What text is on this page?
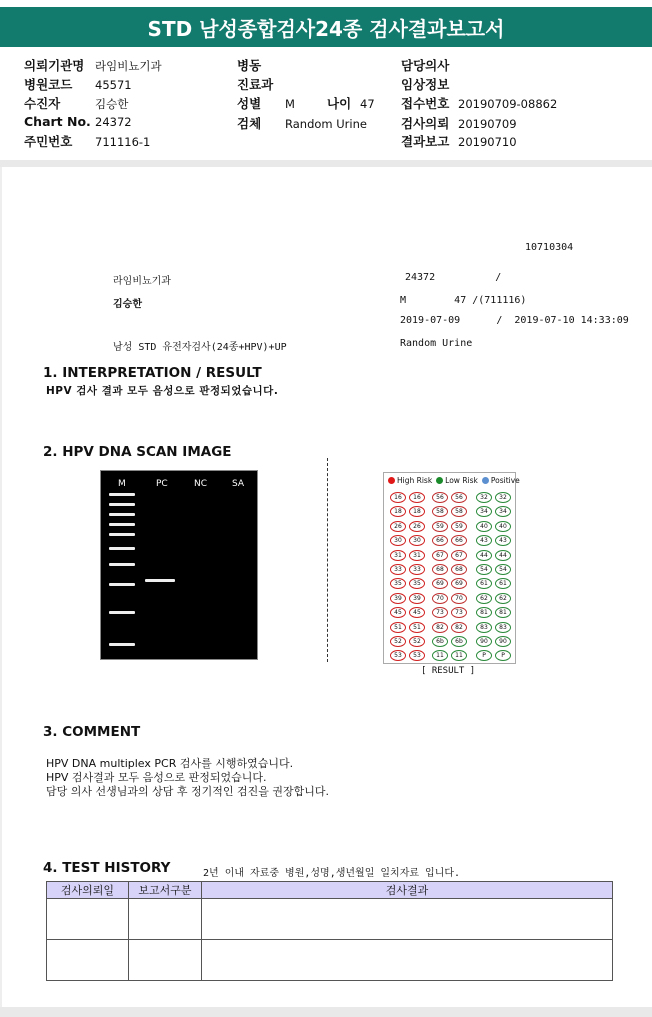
STD 남성종합검사24종 검사결과보고서
의뢰기관명 라임비뇨기과
병원코드 45571
수진자	김승한
Chart No. 24372
주민번호 711116-1
병동
진료과
성별 M
검체 Random Urine
나이 47
담당의사
임상정보
접수번호 20190709-08862
검사의뢰 20190709
결과보고 20190710
10710304
라임비뇨기과	24372          /
김승한	M        47 /(711116)
2019-07-09      /  2019-07-10 14:33:09
남성 STD 유전자검사(24종+HPV)+UP	Random Urine
1. INTERPRETATION / RESULT
HPV 검사 결과 모두 음성으로 판정되었습니다.
2. HPV DNA SCAN IMAGE
M	PC	NC	SA	High Risk Low Risk Positive
16	16	56	56	32	32
18	18	58	58	34	34
26	26	59	59	40	40
30	30	66	66	43	43
31	31	67	67	44	44
33	33	68	68	54	54
35	35	69	69	61	61
39	39	70	70	62	62
45	45	73	73	81	81
51	51	82	82	83	83
52	52	6b	6b	90	90
53	53	11	11	P	P
[ RESULT ]
3. COMMENT
HPV DNA multiplex PCR 검사를 시행하였습니다.
HPV 검사결과 모두 음성으로 판정되었습니다.
담당 의사 선생님과의 상담 후 정기적인 검진을 권장합니다.
4. TEST HISTORY	2년 이내 자료중 병원,성명,생년월일 일치자료 입니다.
검사의뢰일	보고서구분	검사결과
